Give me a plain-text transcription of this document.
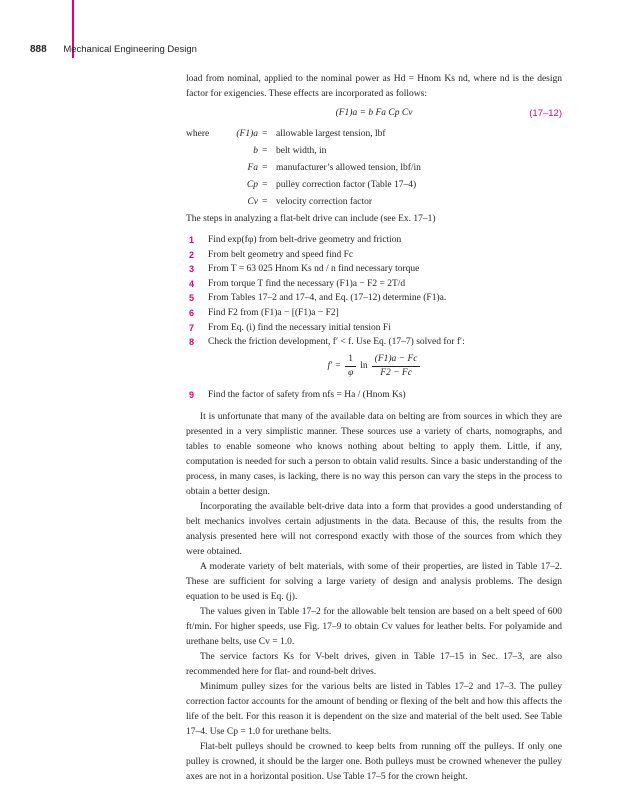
888 Mechanical Engineering Design

load from nominal, applied to the nominal power as Hd = Hnom Ks nd, where nd is the design factor for exigencies. These effects are incorporated as follows:

(F1)a = b Fa Cp Cv	(17–12)
where	(F1)a = allowable largest tension, lbf
b = belt width, in
Fa = manufacturer’s allowed tension, lbf/in
Cp = pulley correction factor (Table 17–4)
Cv = velocity correction factor

The steps in analyzing a flat-belt drive can include (see Ex. 17–1)

1 Find exp(fφ) from belt-drive geometry and friction
2 From belt geometry and speed find Fc
3 From T = 63 025 Hnom Ks nd / n find necessary torque
4 From torque T find the necessary (F1)a − F2 = 2T/d
5 From Tables 17–2 and 17–4, and Eq. (17–12) determine (F1)a.
6 Find F2 from (F1)a − [(F1)a − F2]
7 From Eq. (i) find the necessary initial tension Fi
8 Check the friction development, f′ < f. Use Eq. (17–7) solved for f′:
$f' = \frac{1}{\varphi}$ $\ln \frac{(F1)a - Fc}{F2 - Fc}$
9 Find the factor of safety from nfs = Ha / (Hnom Ks)

It is unfortunate that many of the available data on belting are from sources in which they are presented in a very simplistic manner. These sources use a variety of charts, nomographs, and tables to enable someone who knows nothing about belting to apply them. Little, if any, computation is needed for such a person to obtain valid results. Since a basic understanding of the process, in many cases, is lacking, there is no way this person can vary the steps in the process to obtain a better design.

Incorporating the available belt-drive data into a form that provides a good understanding of belt mechanics involves certain adjustments in the data. Because of this, the results from the analysis presented here will not correspond exactly with those of the sources from which they were obtained.

A moderate variety of belt materials, with some of their properties, are listed in Table 17–2. These are sufficient for solving a large variety of design and analysis problems. The design equation to be used is Eq. (j).

The values given in Table 17–2 for the allowable belt tension are based on a belt speed of 600 ft/min. For higher speeds, use Fig. 17–9 to obtain Cv values for leather belts. For polyamide and urethane belts, use Cv = 1.0.

The service factors Ks for V-belt drives, given in Table 17–15 in Sec. 17–3, are also recommended here for flat- and round-belt drives.

Minimum pulley sizes for the various belts are listed in Tables 17–2 and 17–3. The pulley correction factor accounts for the amount of bending or flexing of the belt and how this affects the life of the belt. For this reason it is dependent on the size and material of the belt used. See Table 17–4. Use Cp = 1.0 for urethane belts.

Flat-belt pulleys should be crowned to keep belts from running off the pulleys. If only one pulley is crowned, it should be the larger one. Both pulleys must be crowned whenever the pulley axes are not in a horizontal position. Use Table 17–5 for the crown height.
